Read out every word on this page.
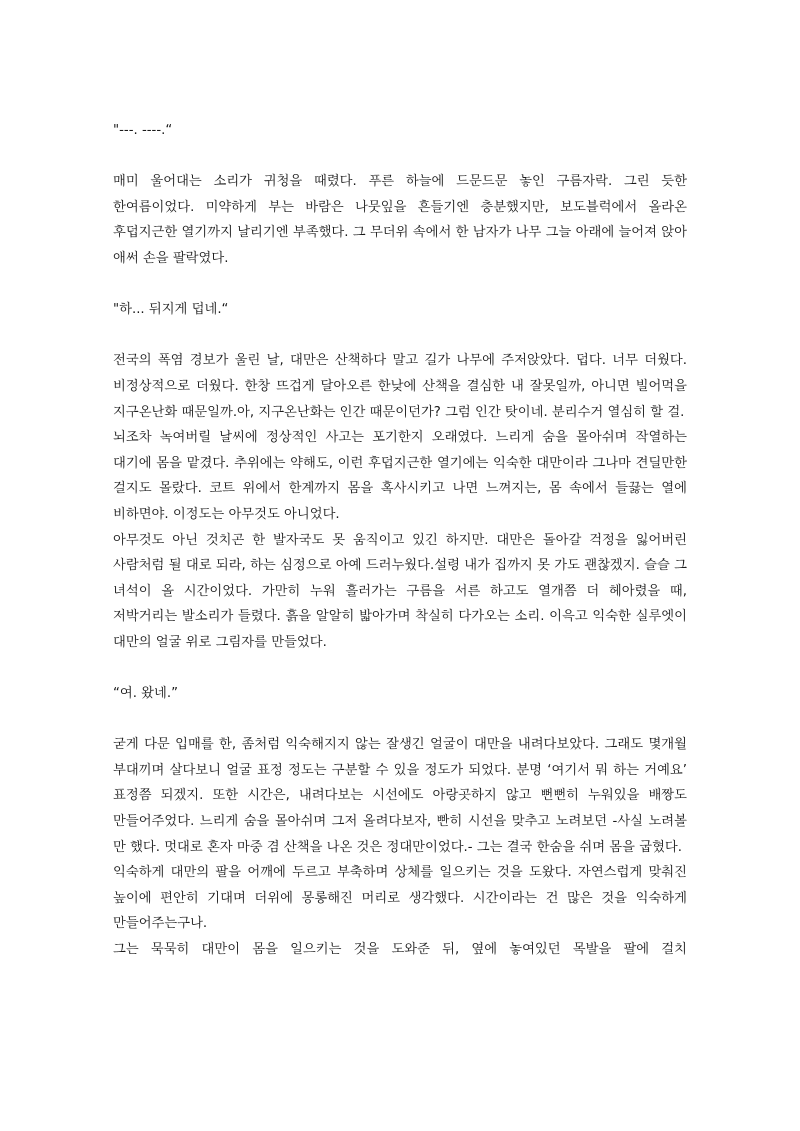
"---. ----.“

매미 울어대는 소리가 귀청을 때렸다. 푸른 하늘에 드문드문 놓인 구름자락. 그린 듯한 한여름이었다. 미약하게 부는 바람은 나뭇잎을 흔들기엔 충분했지만, 보도블럭에서 올라온 후덥지근한 열기까지 날리기엔 부족했다. 그 무더위 속에서 한 남자가 나무 그늘 아래에 늘어져 앉아 애써 손을 팔락였다.

"하... 뒤지게 덥네.“

전국의 폭염 경보가 울린 날, 대만은 산책하다 말고 길가 나무에 주저앉았다. 덥다. 너무 더웠다. 비정상적으로 더웠다. 한창 뜨겁게 달아오른 한낮에 산책을 결심한 내 잘못일까, 아니면 빌어먹을 지구온난화 때문일까.아, 지구온난화는 인간 때문이던가? 그럼 인간 탓이네. 분리수거 열심히 할 걸.

뇌조차 녹여버릴 날씨에 정상적인 사고는 포기한지 오래였다. 느리게 숨을 몰아쉬며 작열하는 대기에 몸을 맡겼다. 추위에는 약해도, 이런 후덥지근한 열기에는 익숙한 대만이라 그나마 견딜만한 걸지도 몰랐다. 코트 위에서 한계까지 몸을 혹사시키고 나면 느껴지는, 몸 속에서 들끓는 열에 비하면야. 이정도는 아무것도 아니었다.

아무것도 아닌 것치곤 한 발자국도 못 움직이고 있긴 하지만. 대만은 돌아갈 걱정을 잃어버린 사람처럼 될 대로 되라, 하는 심정으로 아예 드러누웠다.설령 내가 집까지 못 가도 괜찮겠지. 슬슬 그 녀석이 올 시간이었다. 가만히 누워 흘러가는 구름을 서른 하고도 열개쯤 더 헤아렸을 때, 저박거리는 발소리가 들렸다. 흙을 알알히 밟아가며 착실히 다가오는 소리. 이윽고 익숙한 실루엣이 대만의 얼굴 위로 그림자를 만들었다.

“여. 왔네.”

굳게 다문 입매를 한, 좀처럼 익숙해지지 않는 잘생긴 얼굴이 대만을 내려다보았다. 그래도 몇개월 부대끼며 살다보니 얼굴 표정 정도는 구분할 수 있을 정도가 되었다. 분명 ‘여기서 뭐 하는 거예요’ 표정쯤 되겠지. 또한 시간은, 내려다보는 시선에도 아랑곳하지 않고 뻔뻔히 누워있을 배짱도 만들어주었다. 느리게 숨을 몰아쉬며 그저 올려다보자, 빤히 시선을 맞추고 노려보던 -사실 노려볼 만 했다. 멋대로 혼자 마중 겸 산책을 나온 것은 정대만이었다.- 그는 결국 한숨을 쉬며 몸을 굽혔다.

익숙하게 대만의 팔을 어깨에 두르고 부축하며 상체를 일으키는 것을 도왔다. 자연스럽게 맞춰진 높이에 편안히 기대며 더위에 몽롱해진 머리로 생각했다. 시간이라는 건 많은 것을 익숙하게 만들어주는구나.

그는 묵묵히 대만이 몸을 일으키는 것을 도와준 뒤, 옆에 놓여있던 목발을 팔에 걸치
